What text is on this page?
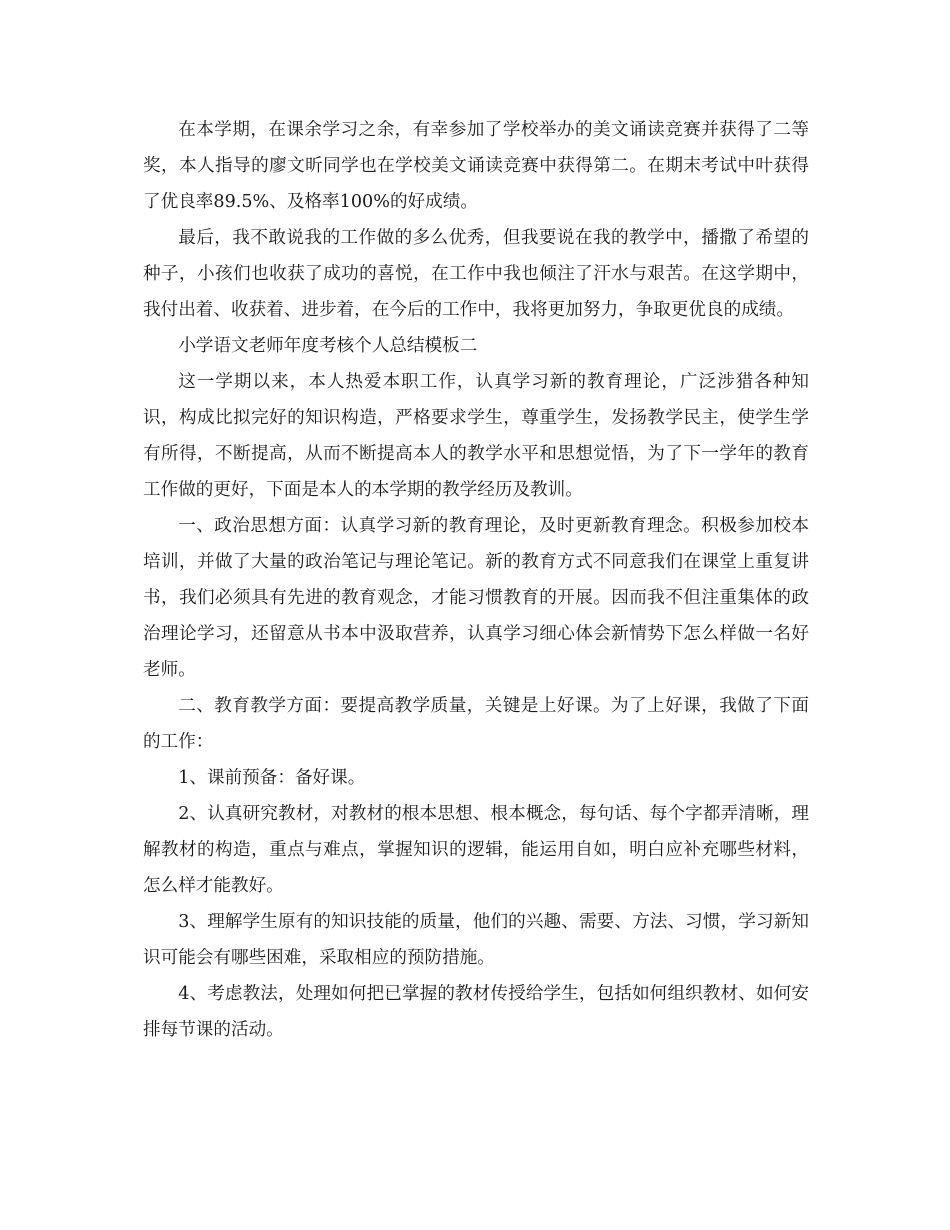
在本学期，在课余学习之余，有幸参加了学校举办的美文诵读竞赛并获得了二等奖，本人指导的廖文昕同学也在学校美文诵读竞赛中获得第二。在期末考试中叶获得了优良率89.5%、及格率100%的好成绩。

最后，我不敢说我的工作做的多么优秀，但我要说在我的教学中，播撒了希望的种子，小孩们也收获了成功的喜悦，在工作中我也倾注了汗水与艰苦。在这学期中，我付出着、收获着、进步着，在今后的工作中，我将更加努力，争取更优良的成绩。

小学语文老师年度考核个人总结模板二

这一学期以来，本人热爱本职工作，认真学习新的教育理论，广泛涉猎各种知识，构成比拟完好的知识构造，严格要求学生，尊重学生，发扬教学民主，使学生学有所得，不断提高，从而不断提高本人的教学水平和思想觉悟，为了下一学年的教育工作做的更好，下面是本人的本学期的教学经历及教训。

一、政治思想方面：认真学习新的教育理论，及时更新教育理念。积极参加校本培训，并做了大量的政治笔记与理论笔记。新的教育方式不同意我们在课堂上重复讲书，我们必须具有先进的教育观念，才能习惯教育的开展。因而我不但注重集体的政治理论学习，还留意从书本中汲取营养，认真学习细心体会新情势下怎么样做一名好老师。

二、教育教学方面：要提高教学质量，关键是上好课。为了上好课，我做了下面的工作：

1、课前预备：备好课。

2、认真研究教材，对教材的根本思想、根本概念，每句话、每个字都弄清晰，理解教材的构造，重点与难点，掌握知识的逻辑，能运用自如，明白应补充哪些材料，怎么样才能教好。

3、理解学生原有的知识技能的质量，他们的兴趣、需要、方法、习惯，学习新知识可能会有哪些困难，采取相应的预防措施。

4、考虑教法，处理如何把已掌握的教材传授给学生，包括如何组织教材、如何安排每节课的活动。
